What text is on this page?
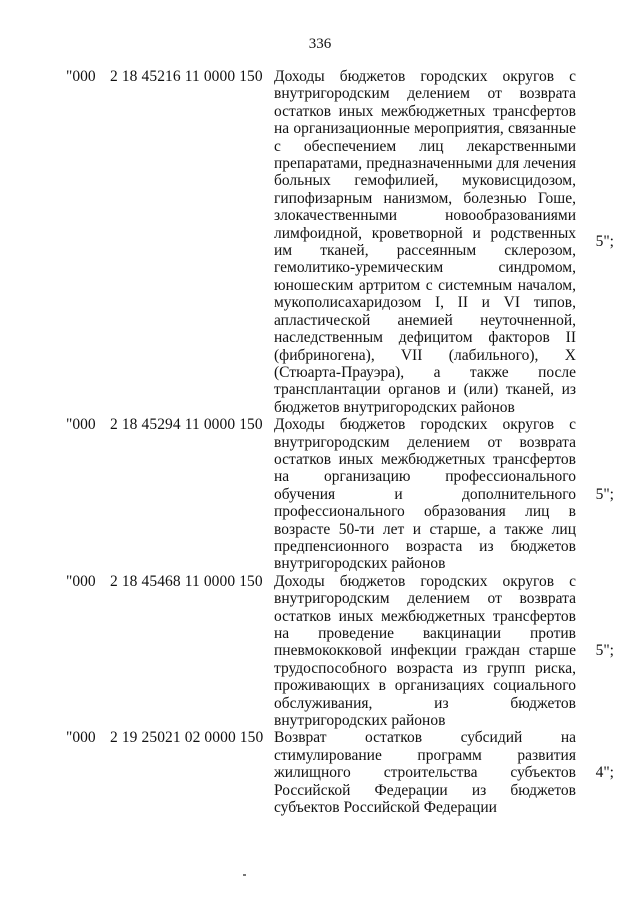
336
"000 2 18 45216 11 0000 150 Доходы бюджетов городских округов с внутригородским делением от возврата остатков иных межбюджетных трансфертов на организационные мероприятия, связанные с обеспечением лиц лекарственными препаратами, предназначенными для лечения больных гемофилией, муковисцидозом, гипофизарным нанизмом, болезнью Гоше, злокачественными новообразованиями лимфоидной, кроветворной и родственных им тканей, рассеянным склерозом, гемолитико-уремическим синдромом, юношеским артритом с системным началом, мукополисахаридозом I, II и VI типов, апластической анемией неуточненной, наследственным дефицитом факторов II (фибриногена), VII (лабильного), X (Стюарта-Прауэра), а также после трансплантации органов и (или) тканей, из бюджетов внутригородских районов
5";
"000 2 18 45294 11 0000 150 Доходы бюджетов городских округов с внутригородским делением от возврата остатков иных межбюджетных трансфертов на организацию профессионального обучения и дополнительного профессионального образования лиц в возрасте 50-ти лет и старше, а также лиц предпенсионного возраста из бюджетов внутригородских районов
5";
"000 2 18 45468 11 0000 150 Доходы бюджетов городских округов с внутригородским делением от возврата остатков иных межбюджетных трансфертов на проведение вакцинации против пневмококковой инфекции граждан старше трудоспособного возраста из групп риска, проживающих в организациях социального обслуживания, из бюджетов внутригородских районов
5";
"000 2 19 25021 02 0000 150 Возврат остатков субсидий на стимулирование программ развития жилищного строительства субъектов Российской Федерации из бюджетов субъектов Российской Федерации
4";
